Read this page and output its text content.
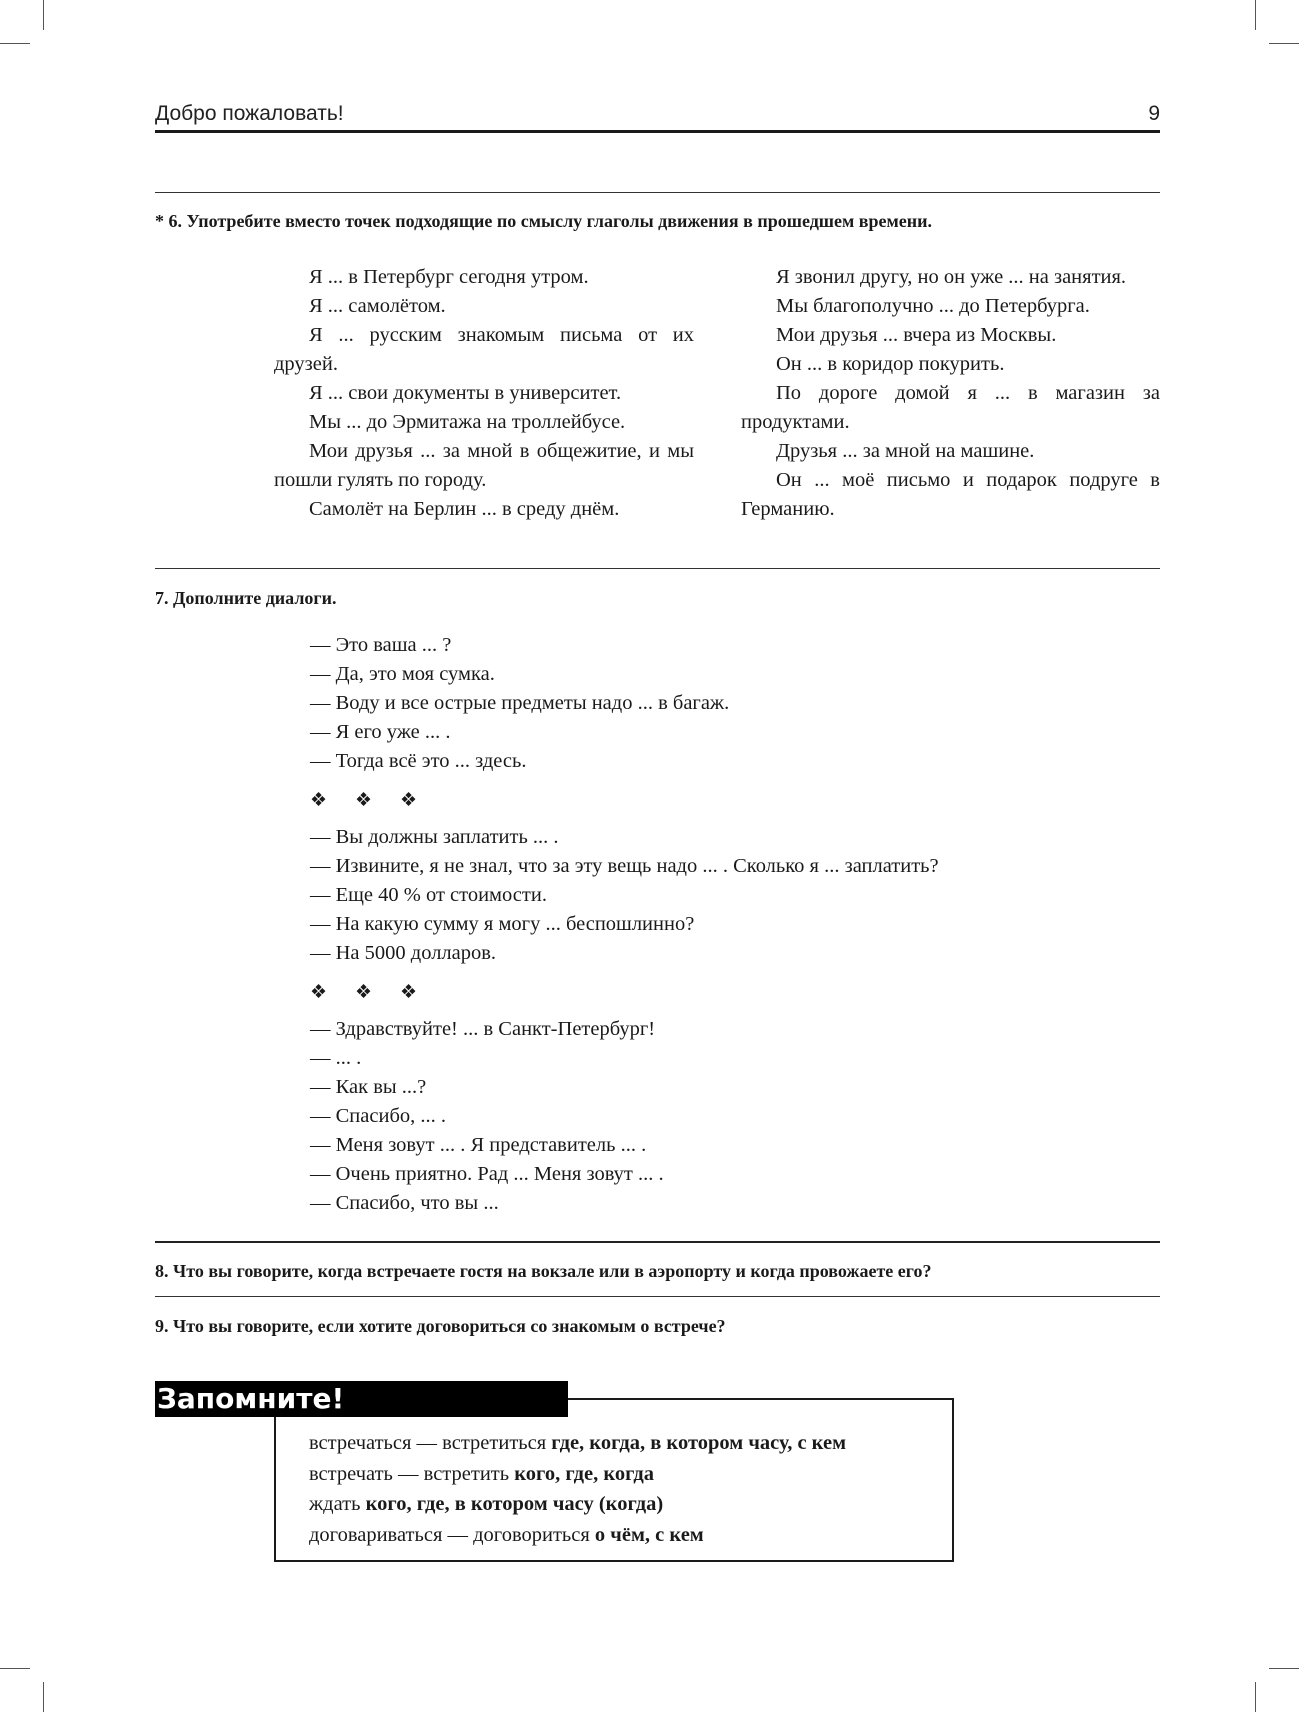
Добро пожаловать!	9
* 6. Употребите вместо точек подходящие по смыслу глаголы движения в прошедшем времени.

Я ... в Петербург сегодня утром.

Я ... самолётом.

Я ... русским знакомым письма от их друзей.

Я ... свои документы в университет.

Мы ... до Эрмитажа на троллейбусе.

Мои друзья ... за мной в общежитие, и мы пошли гулять по городу.

Самолёт на Берлин ... в среду днём.

Я звонил другу, но он уже ... на занятия.

Мы благополучно ... до Петербурга.

Мои друзья ... вчера из Москвы.

Он ... в коридор покурить.

По дороге домой я ... в магазин за продуктами.

Друзья ... за мной на машине.

Он ... моё письмо и подарок подруге в Германию.

7. Дополните диалоги.
— Это ваша ... ?
— Да, это моя сумка.
— Воду и все острые предметы надо ... в багаж.
— Я его уже ... .
— Тогда всё это ... здесь.
❖ ❖ ❖
— Вы должны заплатить ... .
— Извините, я не знал, что за эту вещь надо ... . Сколько я ... заплатить?
— Еще 40 % от стоимости.
— На какую сумму я могу ... беспошлинно?
— На 5000 долларов.
❖ ❖ ❖
— Здравствуйте! ... в Санкт-Петербург!
— ... .
— Как вы ...?
— Спасибо, ... .
— Меня зовут ... . Я представитель ... .
— Очень приятно. Рад ... Меня зовут ... .
— Спасибо, что вы ...
8. Что вы говорите, когда встречаете гостя на вокзале или в аэропорту и когда провожаете его?
9. Что вы говорите, если хотите договориться со знакомым о встрече?
Запомните!
встречаться — встретиться где, когда, в котором часу, с кем
встречать — встретить кого, где, когда
ждать кого, где, в котором часу (когда)
договариваться — договориться о чём, с кем
